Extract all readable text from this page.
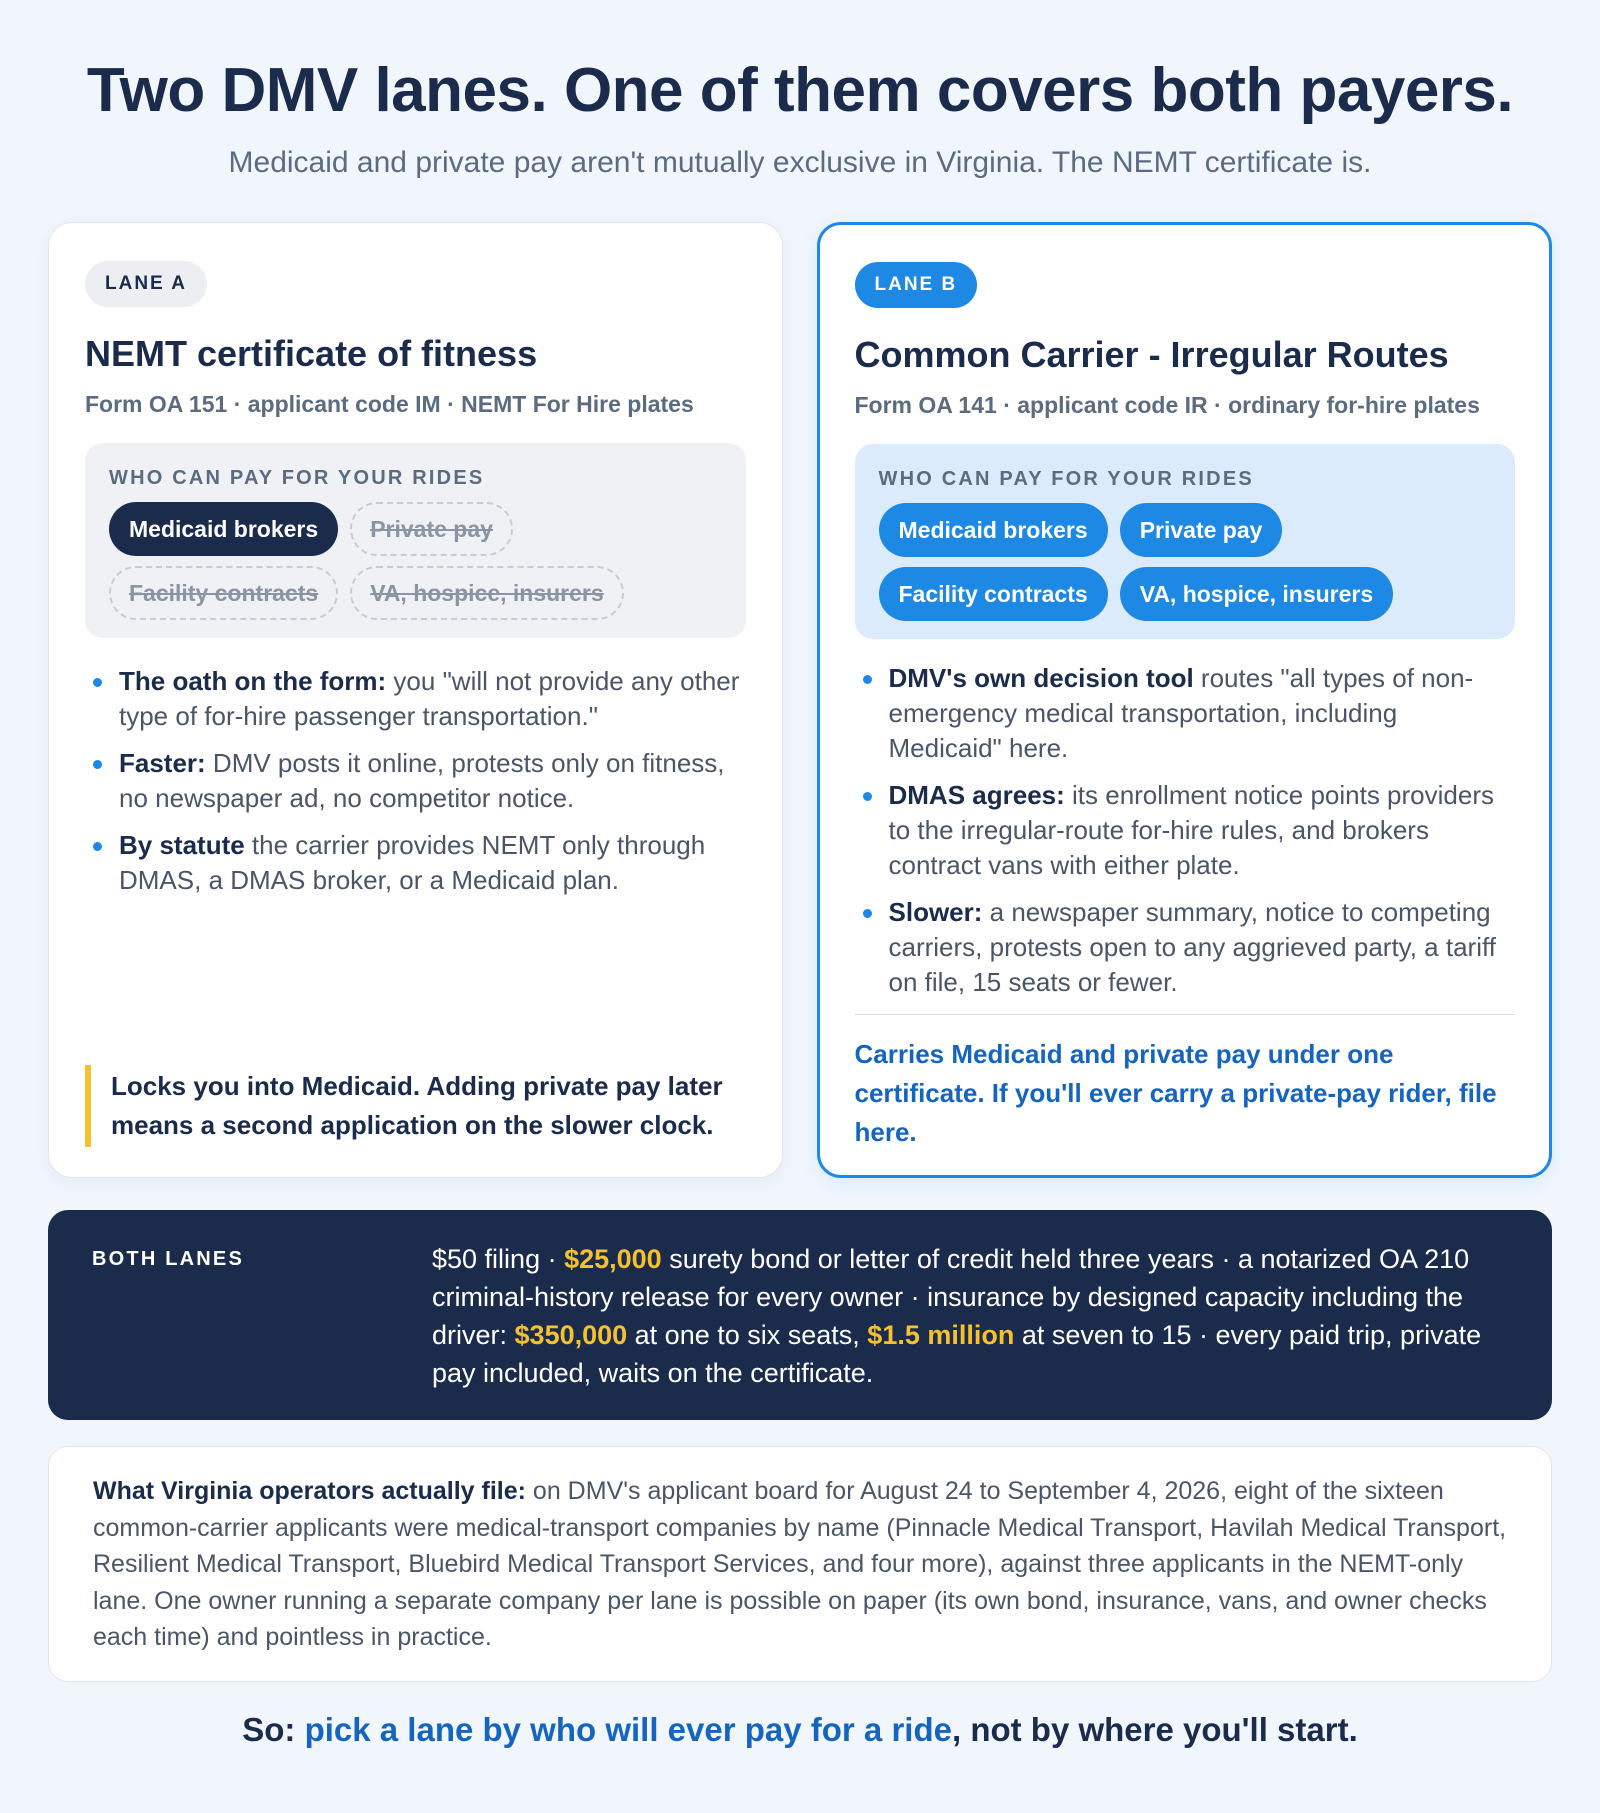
Two DMV lanes. One of them covers both payers.

Medicaid and private pay aren't mutually exclusive in Virginia. The NEMT certificate is.

LANE A
NEMT certificate of fitness
Form OA 151 · applicant code IM · NEMT For Hire plates
WHO CAN PAY FOR YOUR RIDES
Medicaid brokers	Private pay
Facility contracts	VA, hospice, insurers
The oath on the form: you "will not provide any other type of for-hire passenger transportation."
Faster: DMV posts it online, protests only on fitness, no newspaper ad, no competitor notice.
By statute the carrier provides NEMT only through DMAS, a DMAS broker, or a Medicaid plan.
Locks you into Medicaid. Adding private pay later means a second application on the slower clock.
LANE B
Common Carrier - Irregular Routes
Form OA 141 · applicant code IR · ordinary for-hire plates
WHO CAN PAY FOR YOUR RIDES
Medicaid brokers	Private pay
Facility contracts	VA, hospice, insurers
DMV's own decision tool routes "all types of non-emergency medical transportation, including Medicaid" here.
DMAS agrees: its enrollment notice points providers to the irregular-route for-hire rules, and brokers contract vans with either plate.
Slower: a newspaper summary, notice to competing carriers, protests open to any aggrieved party, a tariff on file, 15 seats or fewer.
Carries Medicaid and private pay under one certificate. If you'll ever carry a private-pay rider, file here.
BOTH LANES	$50 filing · $25,000 surety bond or letter of credit held three years · a notarized OA 210 criminal-history release for every owner · insurance by designed capacity including the driver: $350,000 at one to six seats, $1.5 million at seven to 15 · every paid trip, private pay included, waits on the certificate.
What Virginia operators actually file: on DMV's applicant board for August 24 to September 4, 2026, eight of the sixteen common-carrier applicants were medical-transport companies by name (Pinnacle Medical Transport, Havilah Medical Transport, Resilient Medical Transport, Bluebird Medical Transport Services, and four more), against three applicants in the NEMT-only lane. One owner running a separate company per lane is possible on paper (its own bond, insurance, vans, and owner checks each time) and pointless in practice.
So: pick a lane by who will ever pay for a ride, not by where you'll start.
